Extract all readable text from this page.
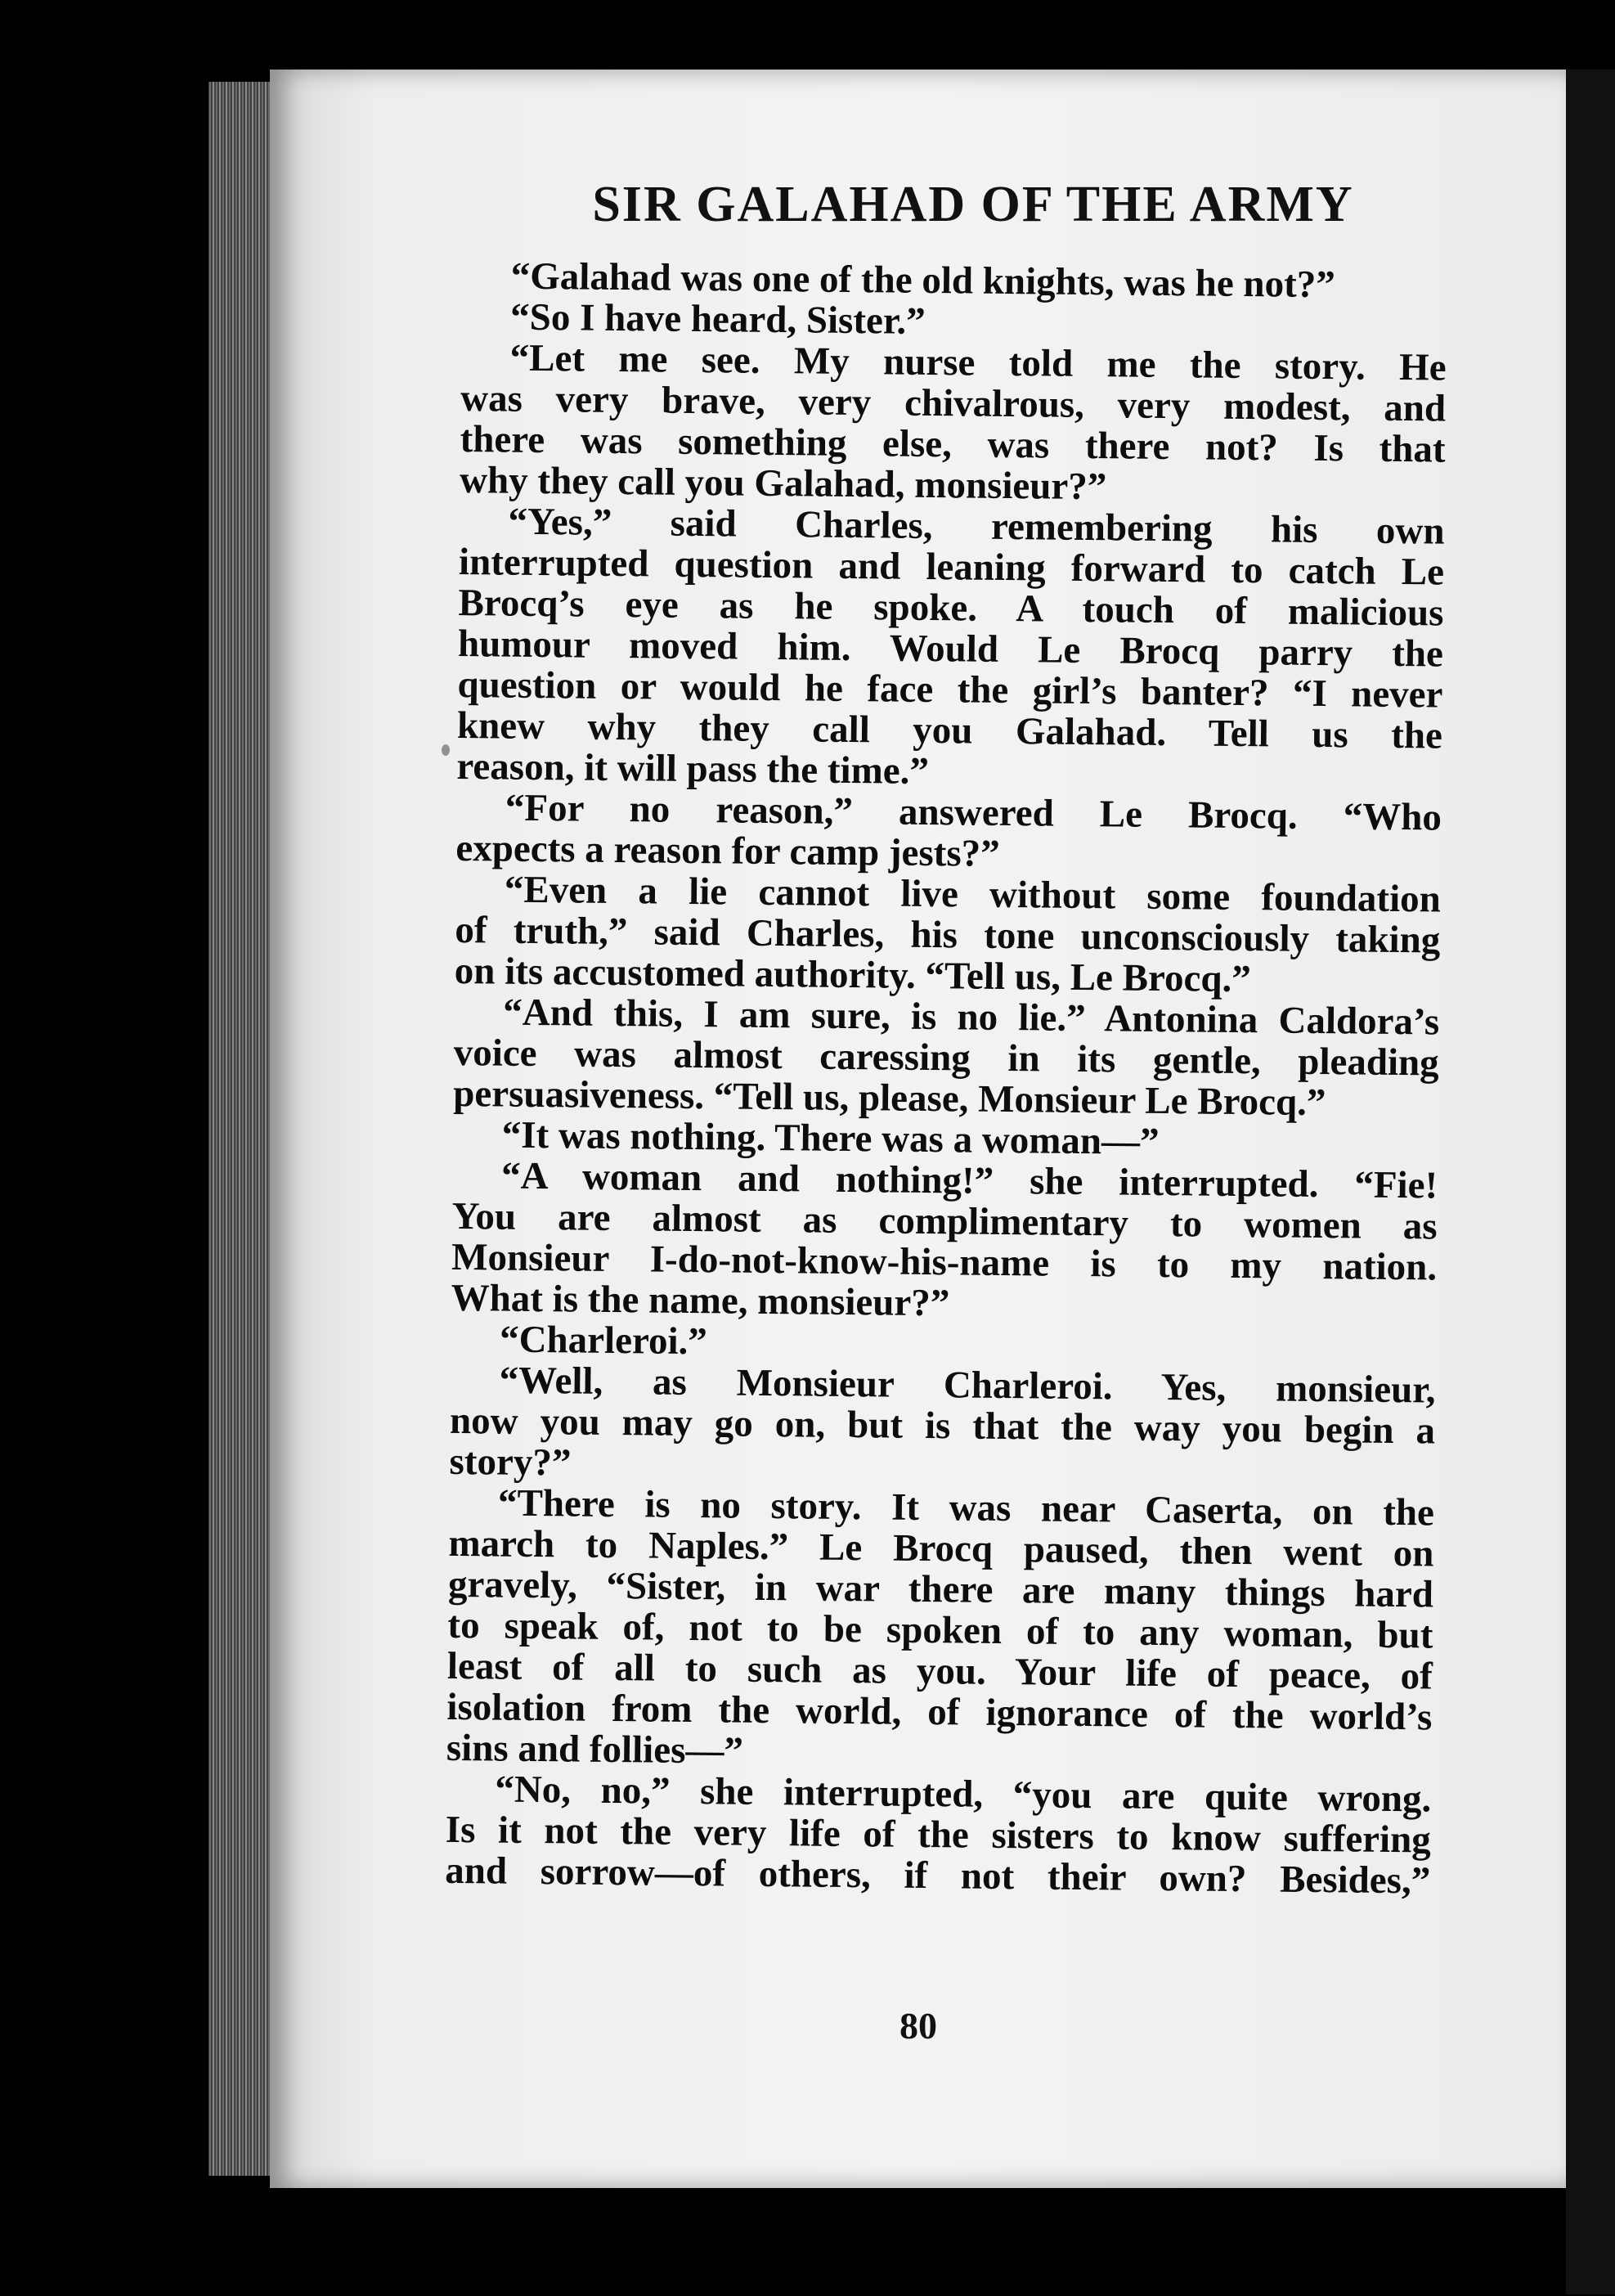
SIR GALAHAD OF THE ARMY
“Galahad was one of the old knights, was he not?”
“So I have heard, Sister.”
“Let me see. My nurse told me the story. He
was very brave, very chivalrous, very modest, and
there was something else, was there not? Is that
why they call you Galahad, monsieur?”
“Yes,” said Charles, remembering his own
interrupted question and leaning forward to catch Le
Brocq’s eye as he spoke. A touch of malicious
humour moved him. Would Le Brocq parry the
question or would he face the girl’s banter? “I never
knew why they call you Galahad. Tell us the
reason, it will pass the time.”
“For no reason,” answered Le Brocq. “Who
expects a reason for camp jests?”
“Even a lie cannot live without some foundation
of truth,” said Charles, his tone unconsciously taking
on its accustomed authority. “Tell us, Le Brocq.”
“And this, I am sure, is no lie.” Antonina Caldora’s
voice was almost caressing in its gentle, pleading
persuasiveness. “Tell us, please, Monsieur Le Brocq.”
“It was nothing. There was a woman—”
“A woman and nothing!” she interrupted. “Fie!
You are almost as complimentary to women as
Monsieur I-do-not-know-his-name is to my nation.
What is the name, monsieur?”
“Charleroi.”
“Well, as Monsieur Charleroi. Yes, monsieur,
now you may go on, but is that the way you begin a
story?”
“There is no story. It was near Caserta, on the
march to Naples.” Le Brocq paused, then went on
gravely, “Sister, in war there are many things hard
to speak of, not to be spoken of to any woman, but
least of all to such as you. Your life of peace, of
isolation from the world, of ignorance of the world’s
sins and follies—”
“No, no,” she interrupted, “you are quite wrong.
Is it not the very life of the sisters to know suffering
and sorrow—of others, if not their own? Besides,”
80
